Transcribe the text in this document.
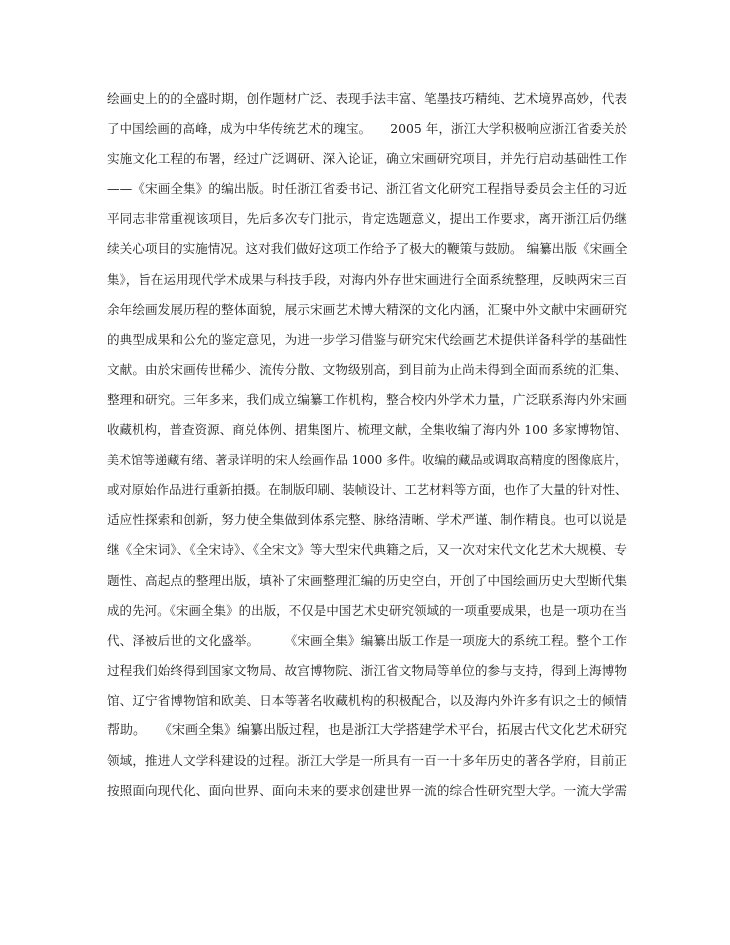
绘画史上的的全盛时期，创作题材广泛、表现手法丰富、笔墨技巧精纯、艺术境界高妙，代表
了中国绘画的高峰，成为中华传统艺术的瑰宝。　　2005 年，浙江大学积极响应浙江省委关於
实施文化工程的布署，经过广泛调研、深入论证，确立宋画研究项目，并先行启动基础性工作
——《宋画全集》的编出版。时任浙江省委书记、浙江省文化研究工程指导委员会主任的习近
平同志非常重视该项目，先后多次专门批示，肯定选题意义，提出工作要求，离开浙江后仍继
续关心项目的实施情况。这对我们做好这项工作给予了极大的鞭策与鼓励。 编纂出版《宋画全
集》，旨在运用现代学术成果与科技手段，对海内外存世宋画进行全面系统整理，反映两宋三百
余年绘画发展历程的整体面貌，展示宋画艺术博大精深的文化内涵，汇聚中外文献中宋画研究
的典型成果和公允的鉴定意见，为进一步学习借鉴与研究宋代绘画艺术提供详备科学的基础性
文献。由於宋画传世稀少、流传分散、文物级别高，到目前为止尚未得到全面而系统的汇集、
整理和研究。三年多来，我们成立编纂工作机构，整合校内外学术力量，广泛联系海内外宋画
收藏机构，普查资源、商兑体例、捃集图片、梳理文献，全集收编了海内外 100 多家博物馆、
美术馆等递藏有绪、著录详明的宋人绘画作品 1000 多件。收编的藏品或调取高精度的图像底片，
或对原始作品进行重新拍摄。在制版印刷、装帧设计、工艺材料等方面，也作了大量的针对性、
适应性探索和创新，努力使全集做到体系完整、脉络清晰、学术严谨、制作精良。也可以说是
继《全宋词》、《全宋诗》、《全宋文》等大型宋代典籍之后，又一次对宋代文化艺术大规模、专
题性、高起点的整理出版，填补了宋画整理汇编的历史空白，开创了中国绘画历史大型断代集
成的先河。《宋画全集》的出版，不仅是中国艺术史研究领域的一项重要成果，也是一项功在当
代、泽被后世的文化盛举。　　　《宋画全集》编纂出版工作是一项庞大的系统工程。整个工作
过程我们始终得到国家文物局、故宫博物院、浙江省文物局等单位的参与支持，得到上海博物
馆、辽宁省博物馆和欧美、日本等著名收藏机构的积极配合，以及海内外许多有识之士的倾情
帮助。　　《宋画全集》编纂出版过程，也是浙江大学搭建学术平台，拓展古代文化艺术研究
领域，推进人文学科建设的过程。浙江大学是一所具有一百一十多年历史的著各学府，目前正
按照面向现代化、面向世界、面向未来的要求创建世界一流的综合性研究型大学。一流大学需
